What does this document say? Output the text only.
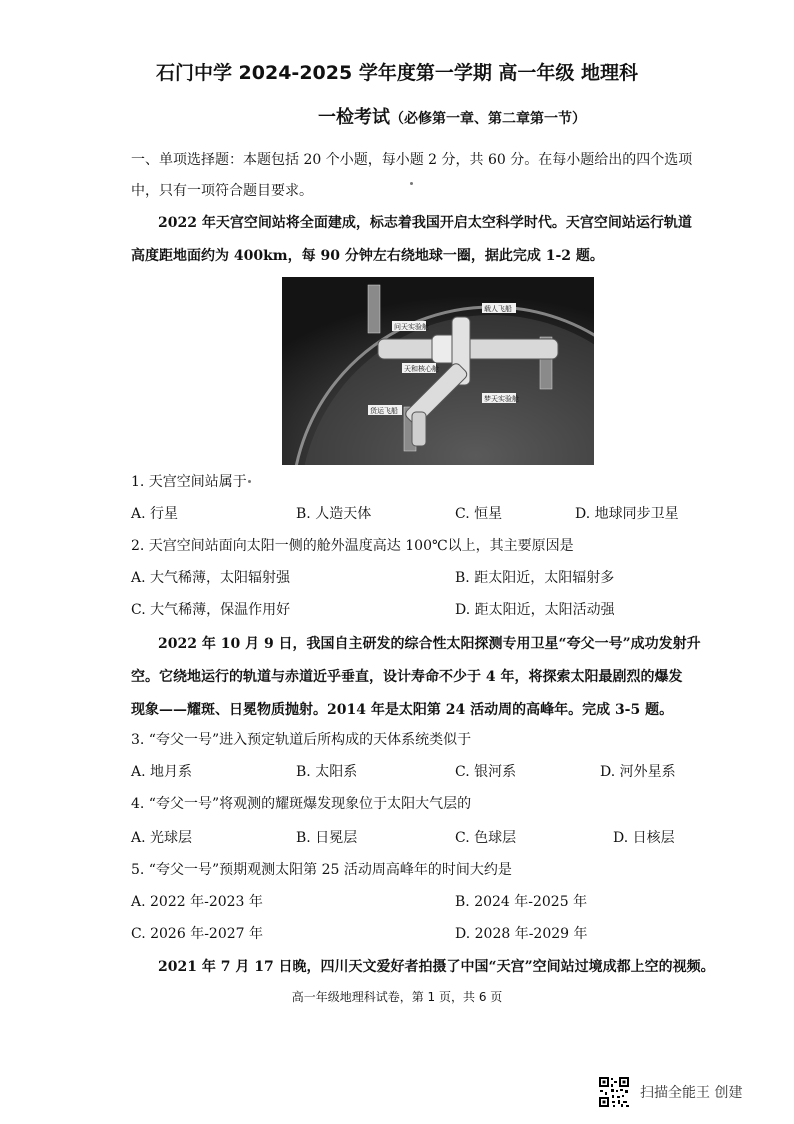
石门中学 2024-2025 学年度第一学期 高一年级 地理科
一检考试（必修第一章、第二章第一节）
一、单项选择题：本题包括 20 个小题，每小题 2 分，共 60 分。在每小题给出的四个选项
中，只有一项符合题目要求。
2022 年天宫空间站将全面建成，标志着我国开启太空科学时代。天宫空间站运行轨道
高度距地面约为 400km，每 90 分钟左右绕地球一圈，据此完成 1-2 题。
问天实验舱
载人飞船
天和核心舱
梦天实验舱
货运飞船
1. 天宫空间站属于
A. 行星	B. 人造天体	C. 恒星	D. 地球同步卫星
2. 天宫空间站面向太阳一侧的舱外温度高达 100℃以上，其主要原因是
A. 大气稀薄，太阳辐射强	B. 距太阳近，太阳辐射多
C. 大气稀薄，保温作用好	D. 距太阳近，太阳活动强
2022 年 10 月 9 日，我国自主研发的综合性太阳探测专用卫星“夸父一号”成功发射升
空。它绕地运行的轨道与赤道近乎垂直，设计寿命不少于 4 年，将探索太阳最剧烈的爆发
现象——耀斑、日冕物质抛射。2014 年是太阳第 24 活动周的高峰年。完成 3-5 题。
3. “夸父一号”进入预定轨道后所构成的天体系统类似于
A. 地月系	B. 太阳系	C. 银河系	D. 河外星系
4. “夸父一号”将观测的耀斑爆发现象位于太阳大气层的
A. 光球层	B. 日冕层	C. 色球层	D. 日核层
5. “夸父一号”预期观测太阳第 25 活动周高峰年的时间大约是
A. 2022 年-2023 年	B. 2024 年-2025 年
C. 2026 年-2027 年	D. 2028 年-2029 年
2021 年 7 月 17 日晚，四川天文爱好者拍摄了中国“天宫”空间站过境成都上空的视频。
高一年级地理科试卷，第 1 页，共 6 页
扫描全能王 创建
